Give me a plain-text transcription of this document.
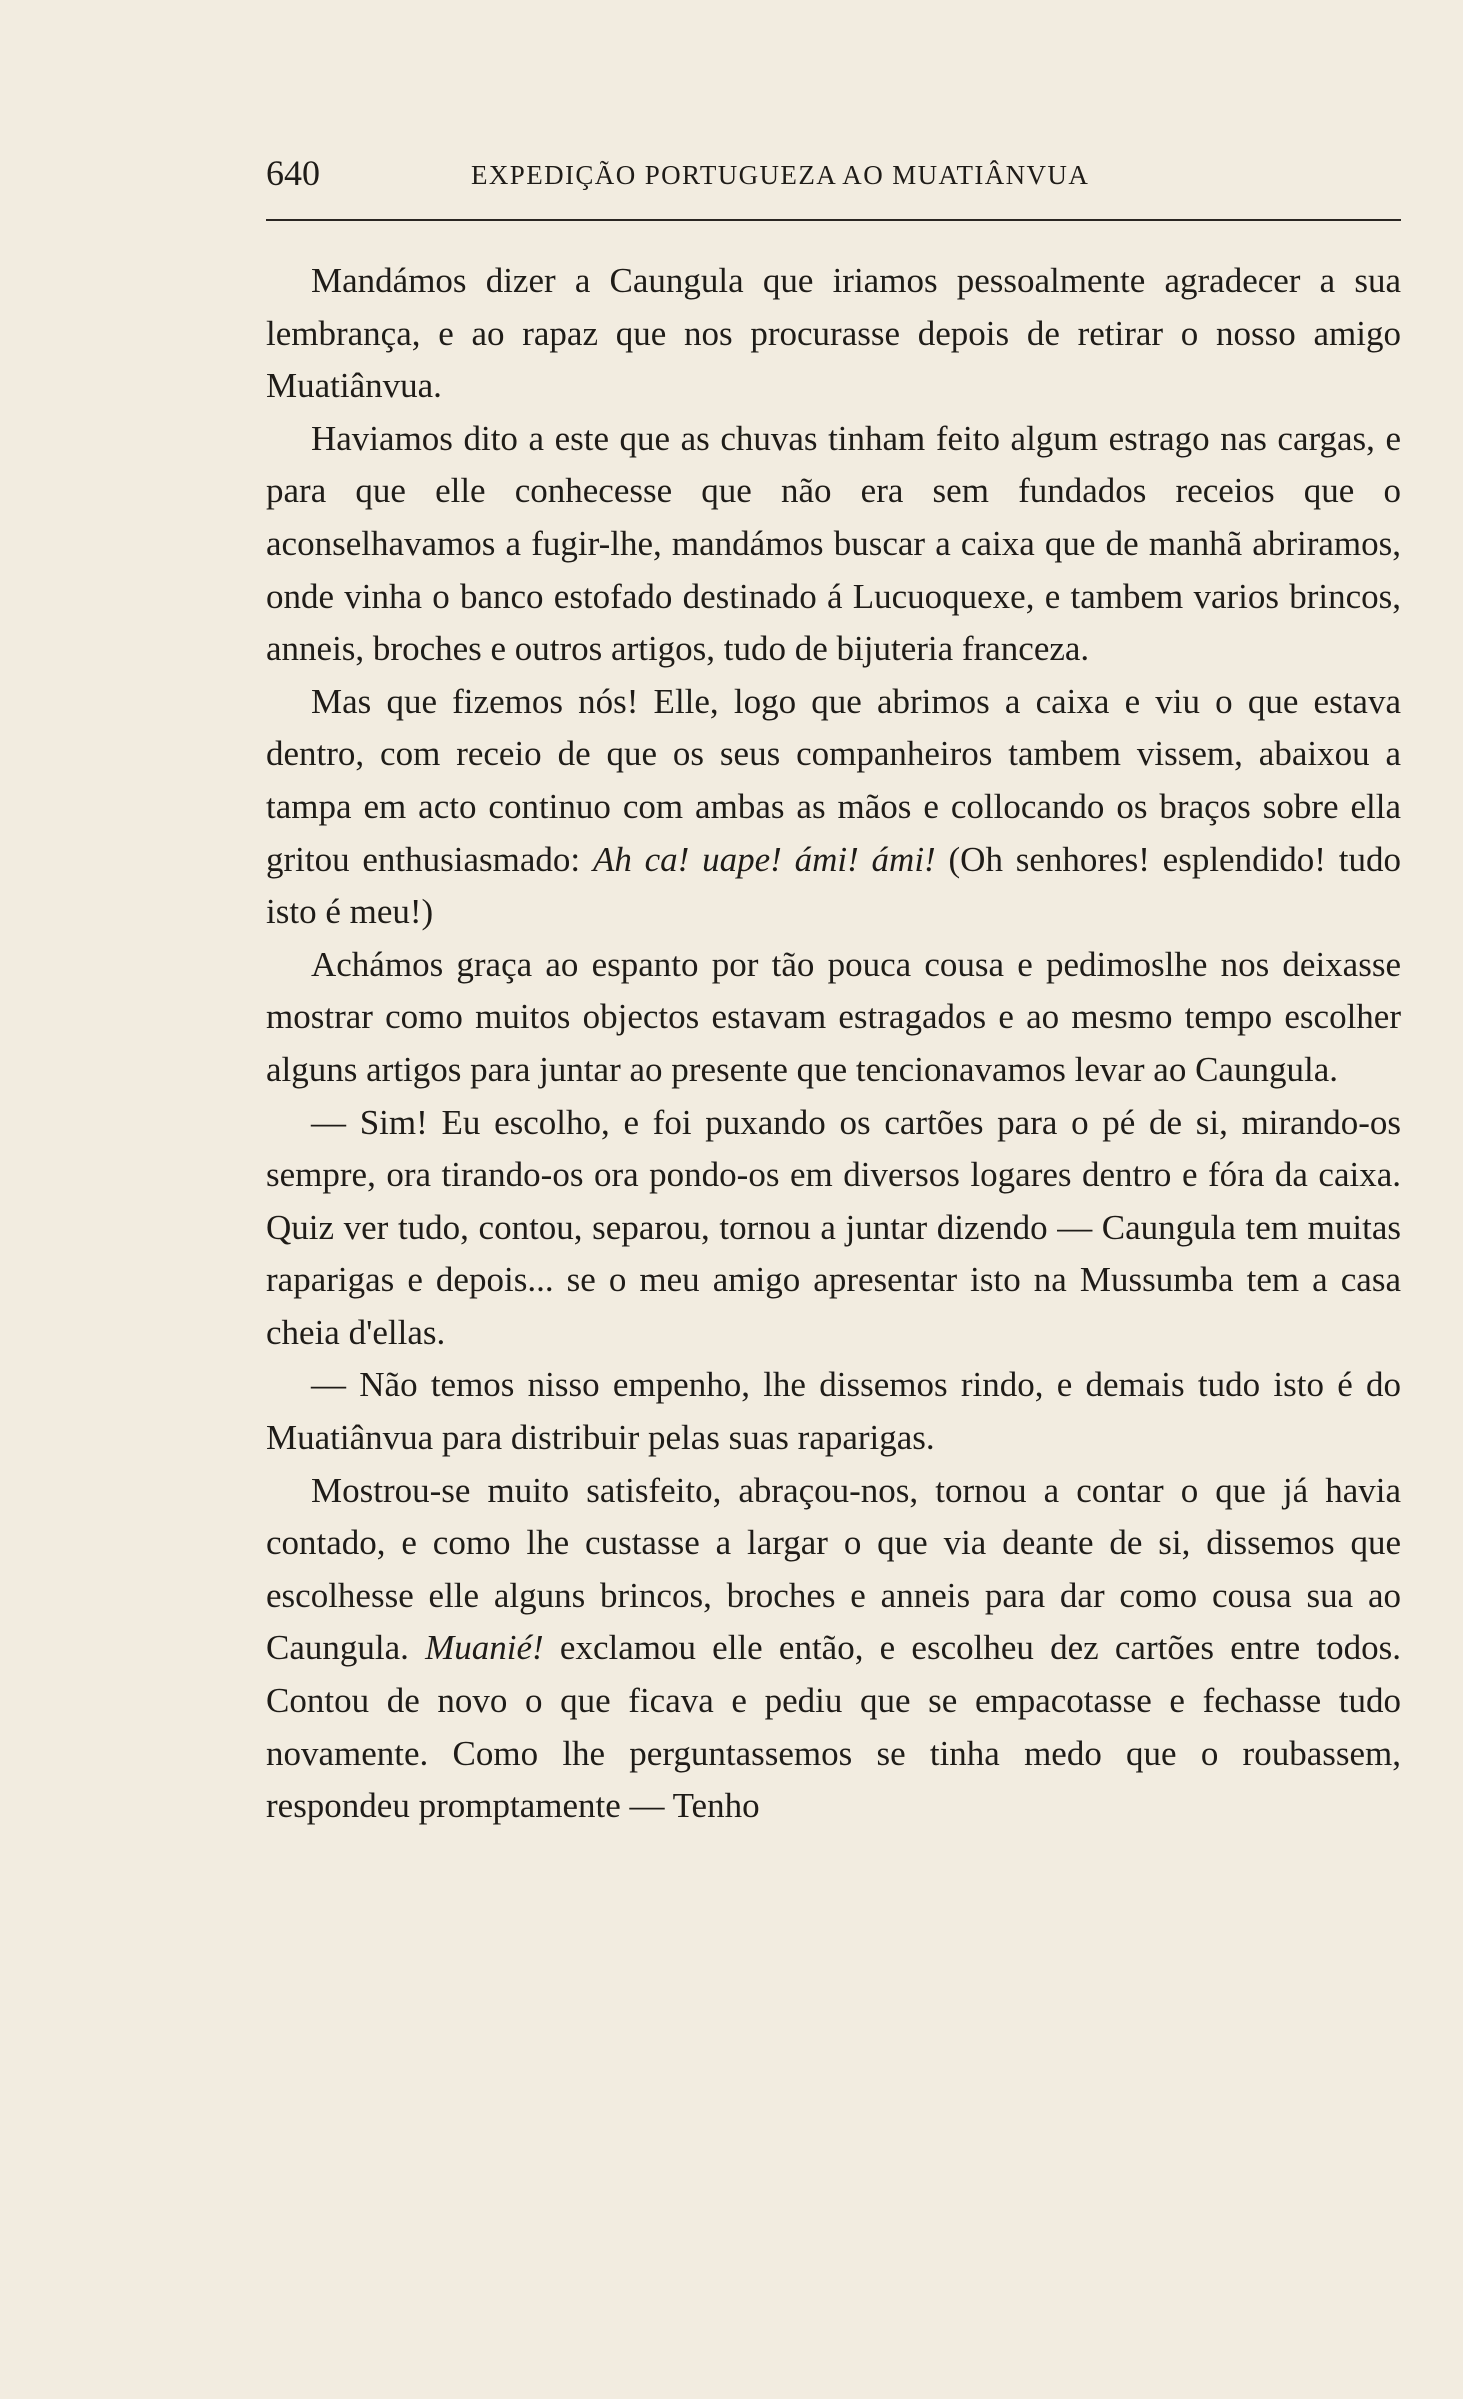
640	EXPEDIÇÃO PORTUGUEZA AO MUATIÂNVUA

Mandámos dizer a Caungula que iriamos pessoalmente agradecer a sua lembrança, e ao rapaz que nos procurasse depois de retirar o nosso amigo Muatiânvua.

Haviamos dito a este que as chuvas tinham feito algum estrago nas cargas, e para que elle conhecesse que não era sem fundados receios que o aconselhavamos a fugir-lhe, mandámos buscar a caixa que de manhã abriramos, onde vinha o banco estofado destinado á Lucuoquexe, e tambem varios brincos, anneis, broches e outros artigos, tudo de bijuteria franceza.

Mas que fizemos nós! Elle, logo que abrimos a caixa e viu o que estava dentro, com receio de que os seus companheiros tambem vissem, abaixou a tampa em acto continuo com ambas as mãos e collocando os braços sobre ella gritou enthusiasmado: Ah ca! uape! ámi! ámi! (Oh senhores! esplendido! tudo isto é meu!)

Achámos graça ao espanto por tão pouca cousa e pedimoslhe nos deixasse mostrar como muitos objectos estavam estragados e ao mesmo tempo escolher alguns artigos para juntar ao presente que tencionavamos levar ao Caungula.

— Sim! Eu escolho, e foi puxando os cartões para o pé de si, mirando-os sempre, ora tirando-os ora pondo-os em diversos logares dentro e fóra da caixa. Quiz ver tudo, contou, separou, tornou a juntar dizendo — Caungula tem muitas raparigas e depois... se o meu amigo apresentar isto na Mussumba tem a casa cheia d'ellas.

— Não temos nisso empenho, lhe dissemos rindo, e demais tudo isto é do Muatiânvua para distribuir pelas suas raparigas.

Mostrou-se muito satisfeito, abraçou-nos, tornou a contar o que já havia contado, e como lhe custasse a largar o que via deante de si, dissemos que escolhesse elle alguns brincos, broches e anneis para dar como cousa sua ao Caungula. Muanié! exclamou elle então, e escolheu dez cartões entre todos. Contou de novo o que ficava e pediu que se empacotasse e fechasse tudo novamente. Como lhe perguntassemos se tinha medo que o roubassem, respondeu promptamente — Tenho
